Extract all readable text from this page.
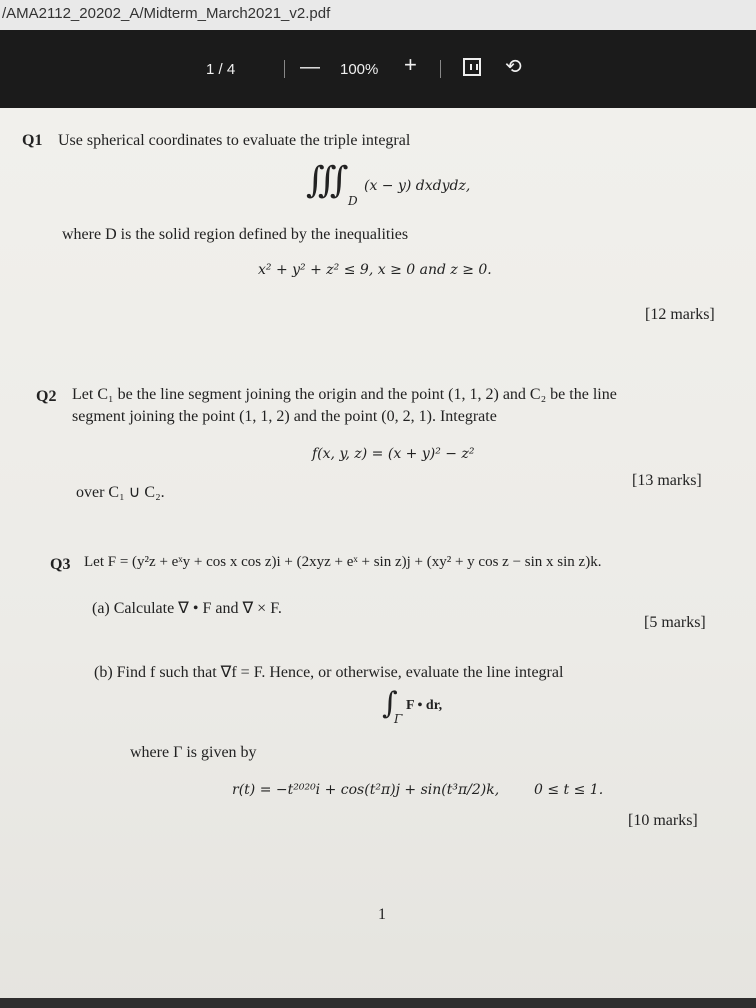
/AMA2112_20202_A/Midterm_March2021_v2.pdf
1 / 4	— 100% +	⟲
Q1 Use spherical coordinates to evaluate the triple integral
∭ D
(x − y) dxdydz,
where D is the solid region defined by the inequalities
x² + y² + z² ≤ 9, x ≥ 0 and z ≥ 0.
[12 marks]
Q2 Let C₁ be the line segment joining the origin and the point (1, 1, 2) and C₂ be the line
segment joining the point (1, 1, 2) and the point (0, 2, 1). Integrate
f(x, y, z) = (x + y)² − z²
over C₁ ∪ C₂.
[13 marks]
Q3 Let F = (y²z + eˣy + cos x cos z)i + (2xyz + eˣ + sin z)j + (xy² + y cos z − sin x sin z)k.
(a) Calculate ∇ • F and ∇ × F.
[5 marks]
(b) Find f such that ∇f = F. Hence, or otherwise, evaluate the line integral
∫
Γ
F • dr,
where Γ is given by
r(t) = −t²⁰²⁰i + cos(t²π)j + sin(t³π/2)k, 0 ≤ t ≤ 1.
[10 marks]
1
